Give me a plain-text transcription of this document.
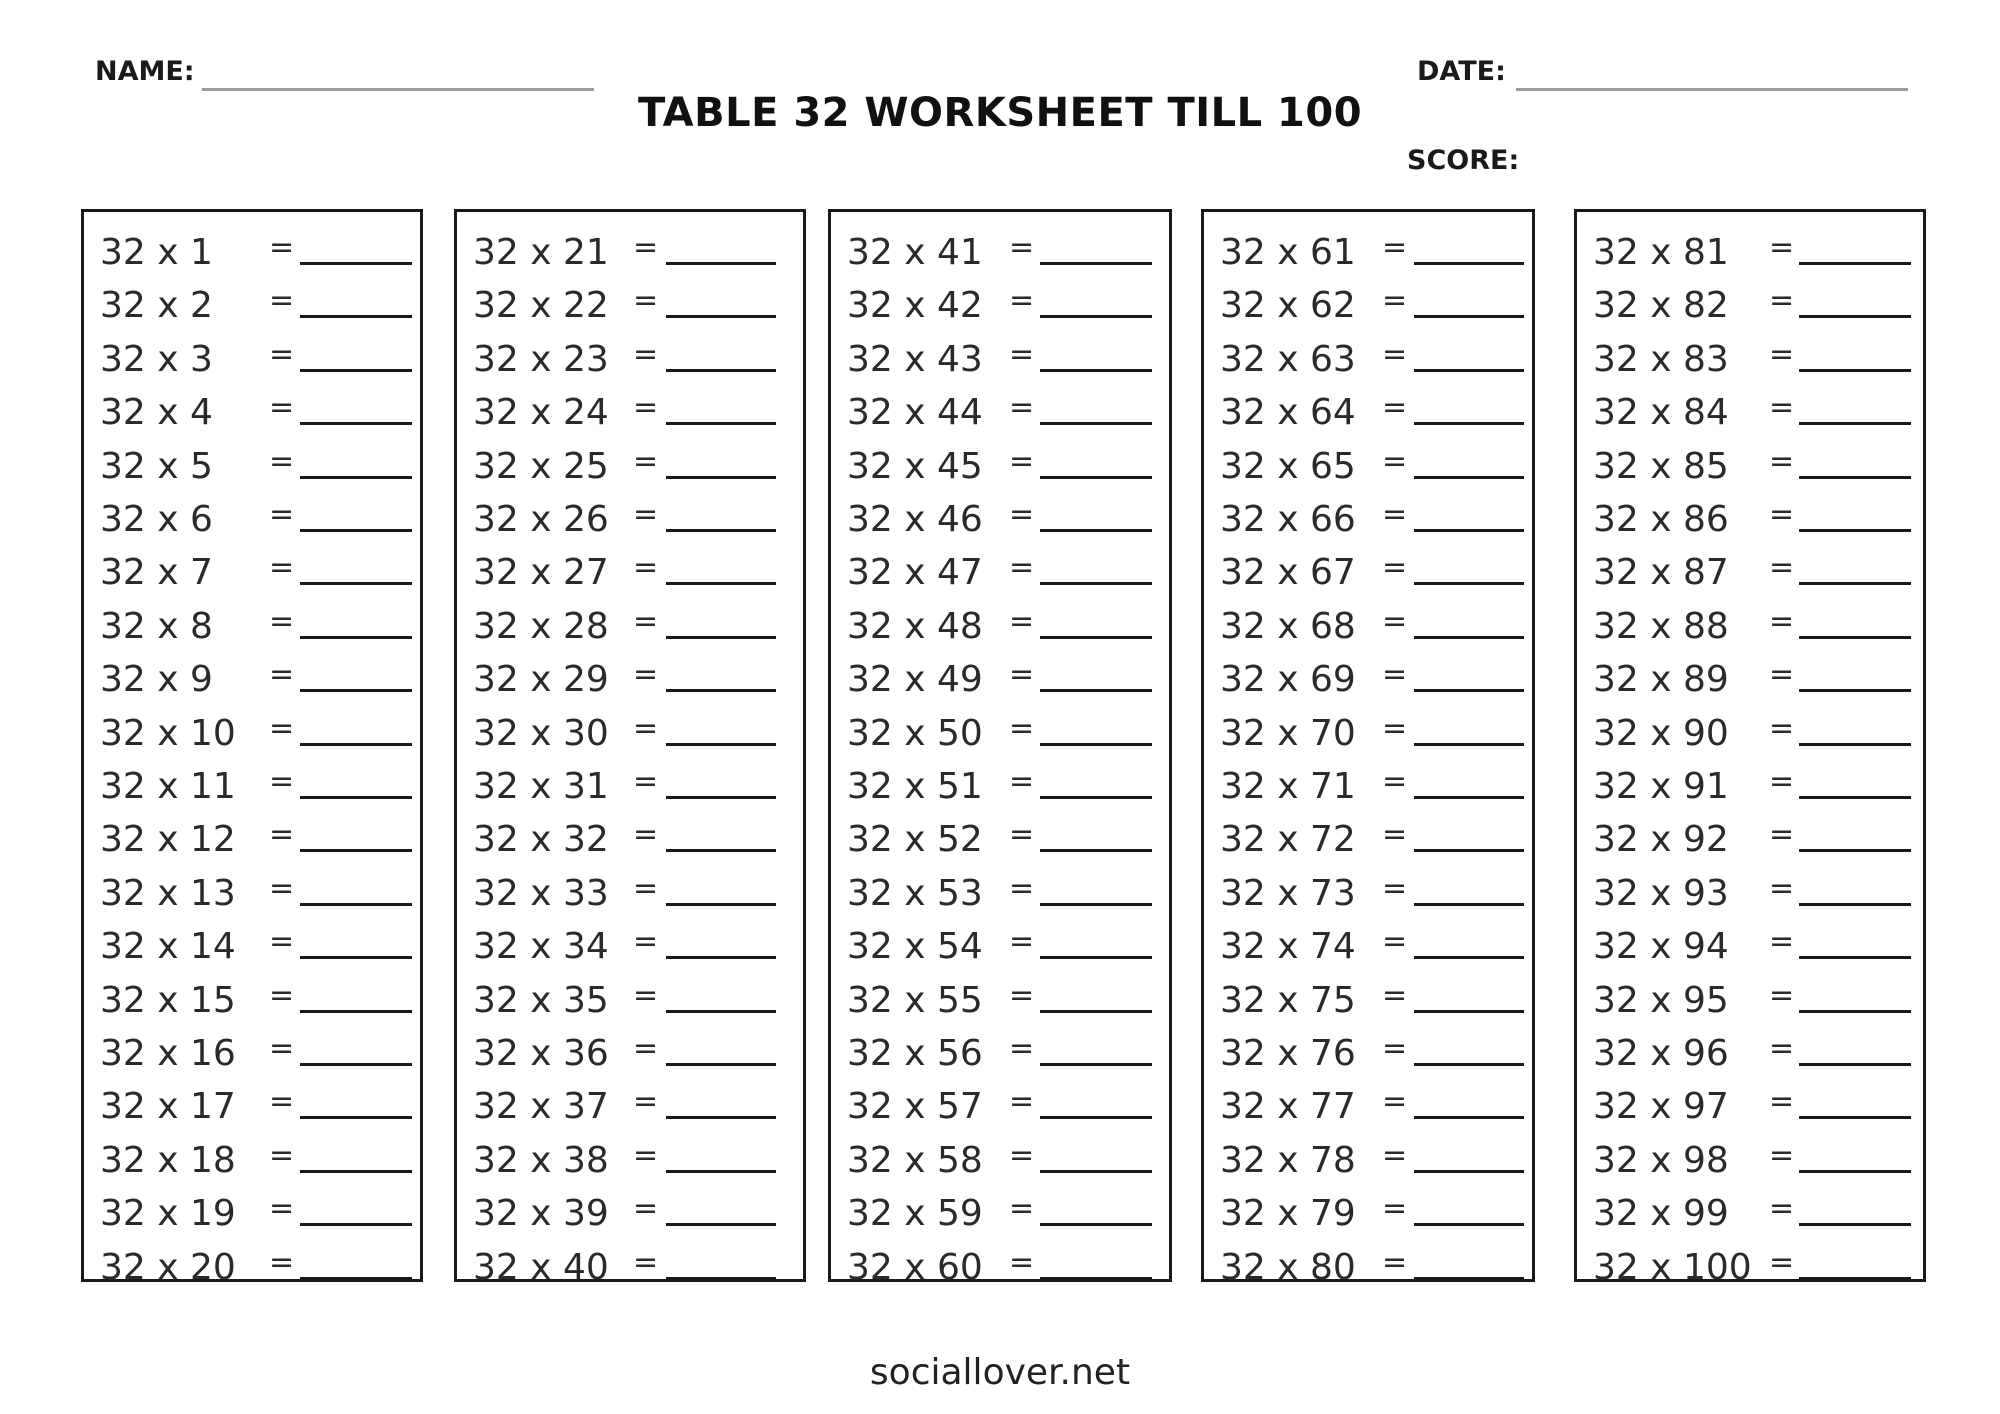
NAME:	DATE:
TABLE 32 WORKSHEET TILL 100
SCORE:
32 x 1 =
32 x 2 =
32 x 3 =
32 x 4 =
32 x 5 =
32 x 6 =
32 x 7 =
32 x 8 =
32 x 9 =
32 x 10 =
32 x 11 =
32 x 12 =
32 x 13 =
32 x 14 =
32 x 15 =
32 x 16 =
32 x 17 =
32 x 18 =
32 x 19 =
32 x 20 =
32 x 21 =
32 x 22 =
32 x 23 =
32 x 24 =
32 x 25 =
32 x 26 =
32 x 27 =
32 x 28 =
32 x 29 =
32 x 30 =
32 x 31 =
32 x 32 =
32 x 33 =
32 x 34 =
32 x 35 =
32 x 36 =
32 x 37 =
32 x 38 =
32 x 39 =
32 x 40 =
32 x 41 =
32 x 42 =
32 x 43 =
32 x 44 =
32 x 45 =
32 x 46 =
32 x 47 =
32 x 48 =
32 x 49 =
32 x 50 =
32 x 51 =
32 x 52 =
32 x 53 =
32 x 54 =
32 x 55 =
32 x 56 =
32 x 57 =
32 x 58 =
32 x 59 =
32 x 60 =
32 x 61 =
32 x 62 =
32 x 63 =
32 x 64 =
32 x 65 =
32 x 66 =
32 x 67 =
32 x 68 =
32 x 69 =
32 x 70 =
32 x 71 =
32 x 72 =
32 x 73 =
32 x 74 =
32 x 75 =
32 x 76 =
32 x 77 =
32 x 78 =
32 x 79 =
32 x 80 =
32 x 81 =
32 x 82 =
32 x 83 =
32 x 84 =
32 x 85 =
32 x 86 =
32 x 87 =
32 x 88 =
32 x 89 =
32 x 90 =
32 x 91 =
32 x 92 =
32 x 93 =
32 x 94 =
32 x 95 =
32 x 96 =
32 x 97 =
32 x 98 =
32 x 99 =
32 x 100 =
sociallover.net
